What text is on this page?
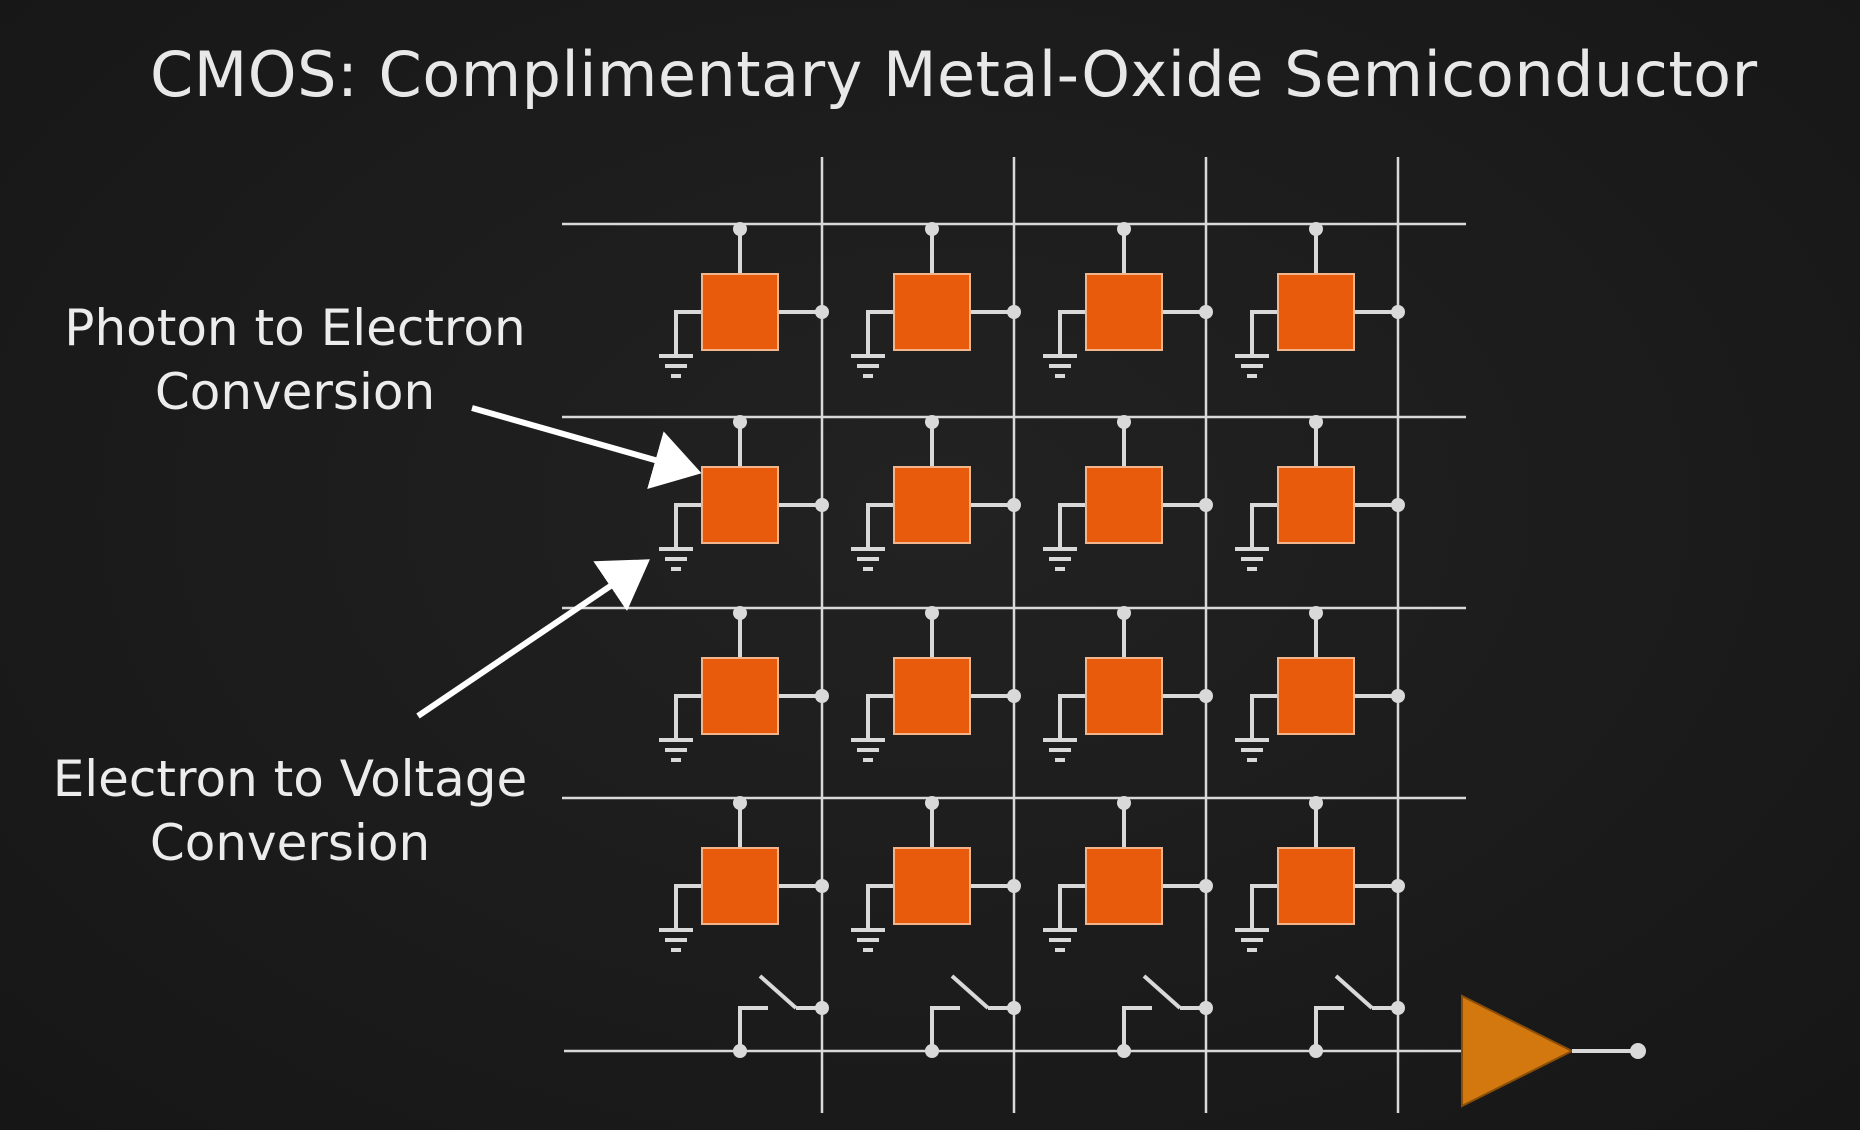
CMOS: Complimentary Metal-Oxide Semiconductor
Photon to Electron
Conversion
Electron to Voltage
Conversion
